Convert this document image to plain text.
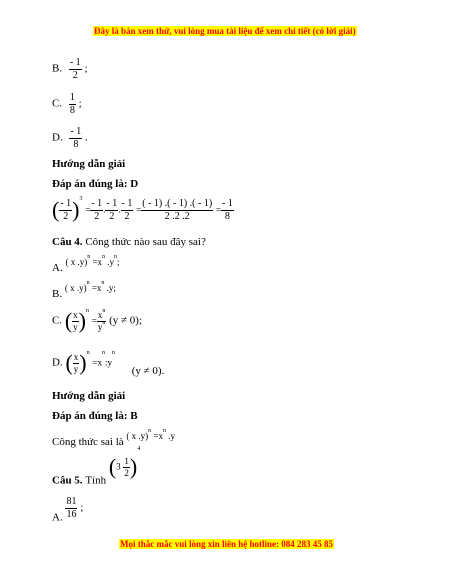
Đây là bản xem thử, vui lòng mua tài liệu để xem chi tiết (có lời giải)
B. $\frac{- 1}{2}$ ;
C. $\frac{1}{8}$ ;
D. $\frac{- 1}{8}$ .
Hướng dẫn giải
Đáp án đúng là: D
( $\frac{- 1}{2} )^3 = \frac{- 1}{2}$ . $\frac{- 1}{2}$ . $\frac{- 1}{2} = \frac{( - 1) .( - 1) .( - 1)}{2 .2 .2} = \frac{- 1}{8}$
Câu 4. Công thức nào sau đây sai?
A. ( x $.y)^n =x^n$ $.y^n$;
B. ( x $.y)^n =x^n$ .y;
C. ( $\frac{x}{y} )^n = \frac{x^n}{y^n} (y \ne 0)$;
D. ( $\frac{x}{y} )^n$ $=x^n:y^n$ (y ≠ 0).
Hướng dẫn giải
Đáp án đúng là: B
Công thức sai là ( x $.y)^n =x^n$ .y
Câu 5. Tính $(3 \frac{1}{2} )^4$
A. $\frac{81}{16}$ ;
Mọi thắc mắc vui lòng xin liên hệ hotline: 084 283 45 85
